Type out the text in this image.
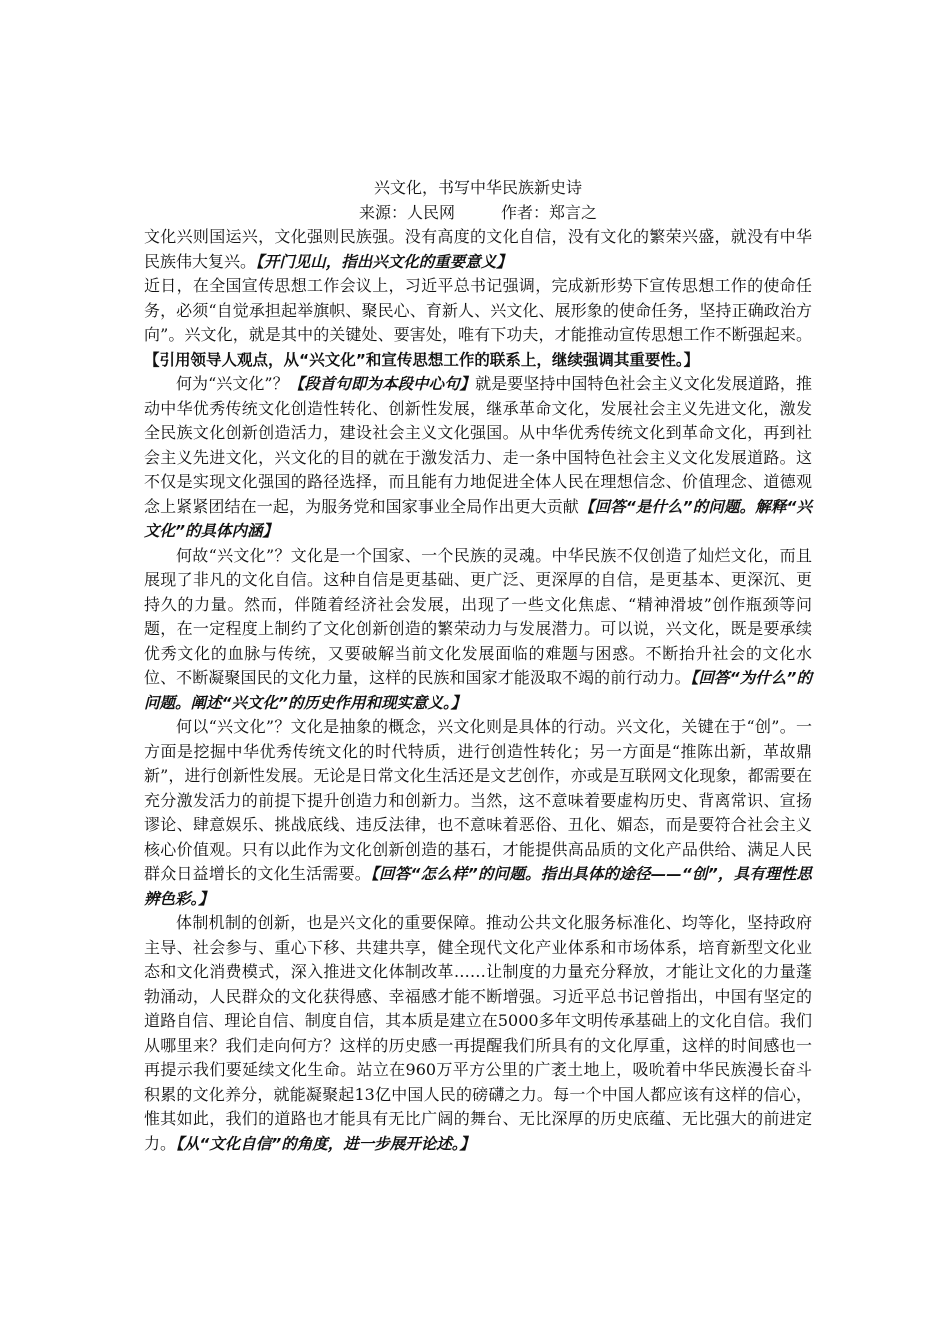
兴文化，书写中华民族新史诗
来源：人民网	作者：郑言之

文化兴则国运兴，文化强则民族强。没有高度的文化自信，没有文化的繁荣兴盛，就没有中华民族伟大复兴。【开门见山，指出兴文化的重要意义】

近日，在全国宣传思想工作会议上，习近平总书记强调，完成新形势下宣传思想工作的使命任务，必须“自觉承担起举旗帜、聚民心、育新人、兴文化、展形象的使命任务，坚持正确政治方向”。兴文化，就是其中的关键处、要害处，唯有下功夫，才能推动宣传思想工作不断强起来。【引用领导人观点，从“兴文化”和宣传思想工作的联系上，继续强调其重要性。】

何为“兴文化”？【段首句即为本段中心句】就是要坚持中国特色社会主义文化发展道路，推动中华优秀传统文化创造性转化、创新性发展，继承革命文化，发展社会主义先进文化，激发全民族文化创新创造活力，建设社会主义文化强国。从中华优秀传统文化到革命文化，再到社会主义先进文化，兴文化的目的就在于激发活力、走一条中国特色社会主义文化发展道路。这不仅是实现文化强国的路径选择，而且能有力地促进全体人民在理想信念、价值理念、道德观念上紧紧团结在一起，为服务党和国家事业全局作出更大贡献【回答“是什么”的问题。解释“兴文化”的具体内涵】

何故“兴文化”？文化是一个国家、一个民族的灵魂。中华民族不仅创造了灿烂文化，而且展现了非凡的文化自信。这种自信是更基础、更广泛、更深厚的自信，是更基本、更深沉、更持久的力量。然而，伴随着经济社会发展，出现了一些文化焦虑、“精神滑坡”创作瓶颈等问题，在一定程度上制约了文化创新创造的繁荣动力与发展潜力。可以说，兴文化，既是要承续优秀文化的血脉与传统，又要破解当前文化发展面临的难题与困惑。不断抬升社会的文化水位、不断凝聚国民的文化力量，这样的民族和国家才能汲取不竭的前行动力。【回答“为什么”的问题。阐述“兴文化”的历史作用和现实意义。】

何以“兴文化”？文化是抽象的概念，兴文化则是具体的行动。兴文化，关键在于“创”。一方面是挖掘中华优秀传统文化的时代特质，进行创造性转化；另一方面是“推陈出新，革故鼎新”，进行创新性发展。无论是日常文化生活还是文艺创作，亦或是互联网文化现象，都需要在充分激发活力的前提下提升创造力和创新力。当然，这不意味着要虚构历史、背离常识、宣扬谬论、肆意娱乐、挑战底线、违反法律，也不意味着恶俗、丑化、媚态，而是要符合社会主义核心价值观。只有以此作为文化创新创造的基石，才能提供高品质的文化产品供给、满足人民群众日益增长的文化生活需要。【回答“怎么样”的问题。指出具体的途径——“创”，具有理性思辨色彩。】

体制机制的创新，也是兴文化的重要保障。推动公共文化服务标准化、均等化，坚持政府主导、社会参与、重心下移、共建共享，健全现代文化产业体系和市场体系，培育新型文化业态和文化消费模式，深入推进文化体制改革……让制度的力量充分释放，才能让文化的力量蓬勃涌动，人民群众的文化获得感、幸福感才能不断增强。习近平总书记曾指出，中国有坚定的道路自信、理论自信、制度自信，其本质是建立在5000多年文明传承基础上的文化自信。我们从哪里来？我们走向何方？这样的历史感一再提醒我们所具有的文化厚重，这样的时间感也一再提示我们要延续文化生命。站立在960万平方公里的广袤土地上，吸吮着中华民族漫长奋斗积累的文化养分，就能凝聚起13亿中国人民的磅礴之力。每一个中国人都应该有这样的信心，惟其如此，我们的道路也才能具有无比广阔的舞台、无比深厚的历史底蕴、无比强大的前进定力。【从“文化自信”的角度，进一步展开论述。】
